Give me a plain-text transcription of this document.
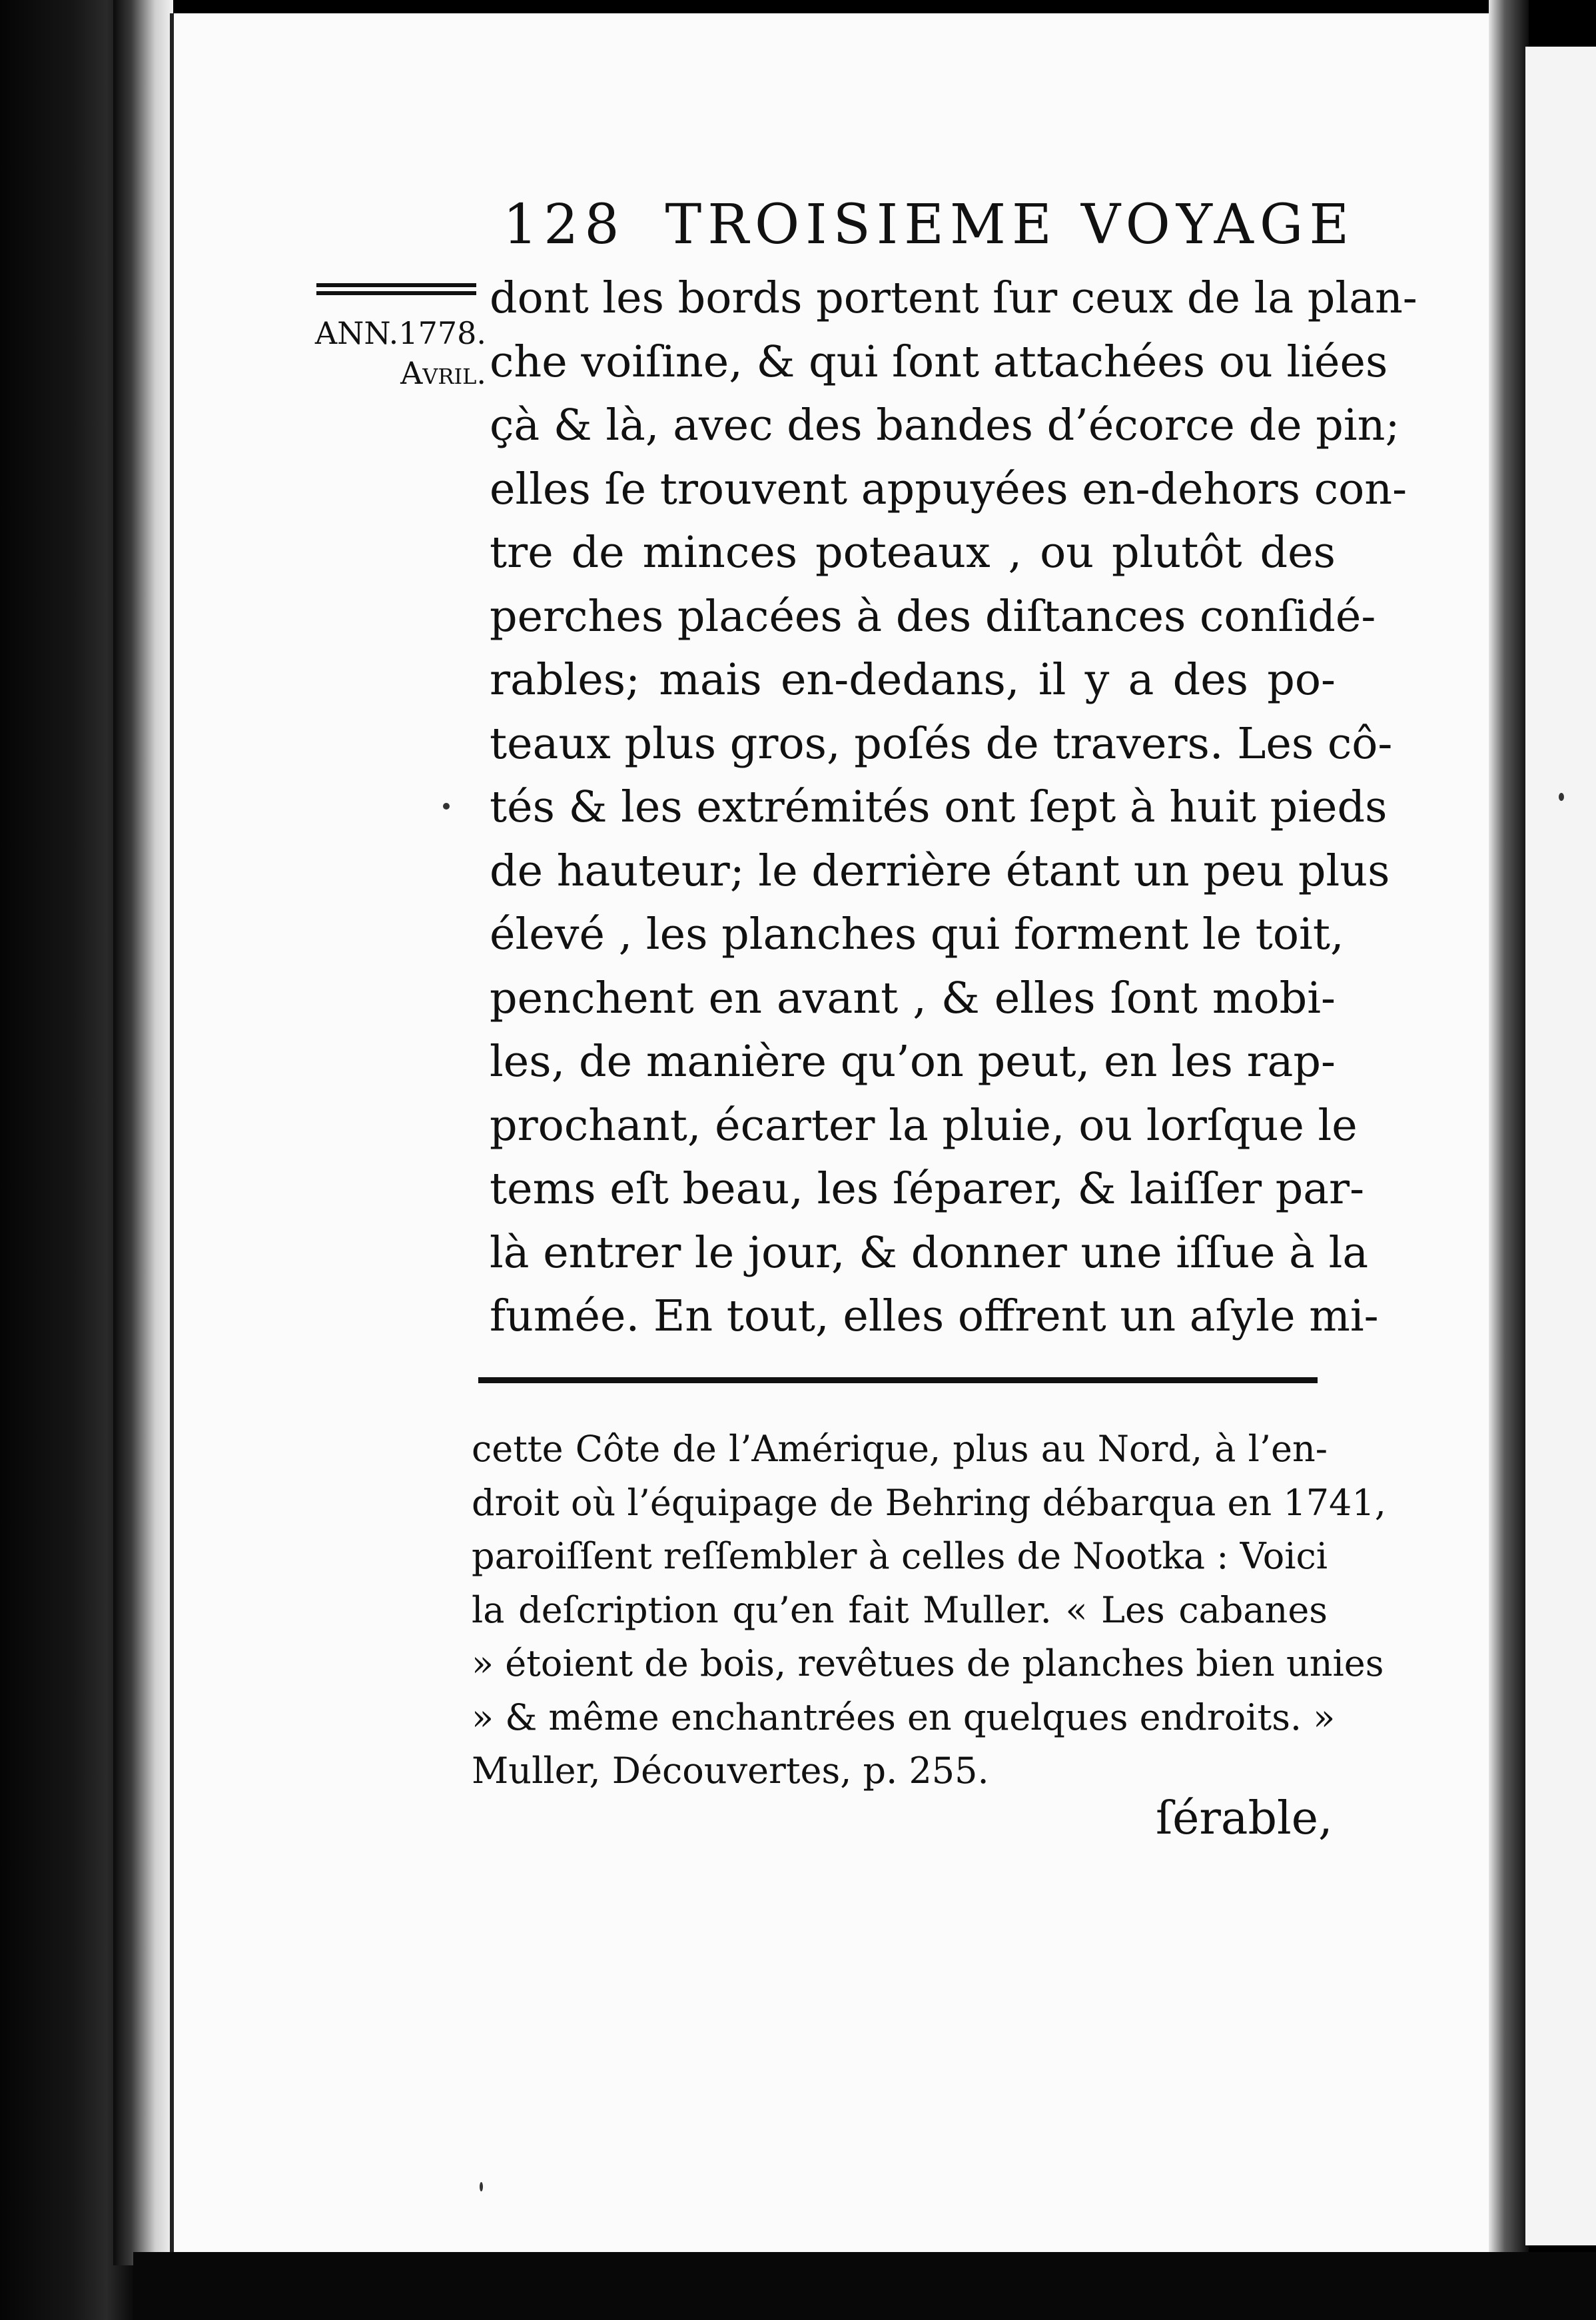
128 TROISIEME VOYAGE
ANN.1778.
Avril.
dont les bords portent ſur ceux de la plan-
che voiſine, & qui ſont attachées ou liées
çà & là, avec des bandes d’écorce de pin;
elles ſe trouvent appuyées en-dehors con-
tre de minces poteaux , ou plutôt des
perches placées à des diſtances conſidé-
rables; mais en-dedans, il y a des po-
teaux plus gros, poſés de travers. Les cô-
tés & les extrémités ont ſept à huit pieds
de hauteur; le derrière étant un peu plus
élevé , les planches qui forment le toit,
penchent en avant , & elles ſont mobi-
les, de manière qu’on peut, en les rap-
prochant, écarter la pluie, ou lorſque le
tems eſt beau, les ſéparer, & laiſſer par-
là entrer le jour, & donner une iſſue à la
fumée. En tout, elles offrent un aſyle mi-
cette Côte de l’Amérique, plus au Nord, à l’en-
droit où l’équipage de Behring débarqua en 1741,
paroiſſent reſſembler à celles de Nootka : Voici
la deſcription qu’en fait Muller. « Les cabanes
» étoient de bois, revêtues de planches bien unies
» & même enchantrées en quelques endroits. »
Muller, Découvertes, p. 255.
ſérable,
